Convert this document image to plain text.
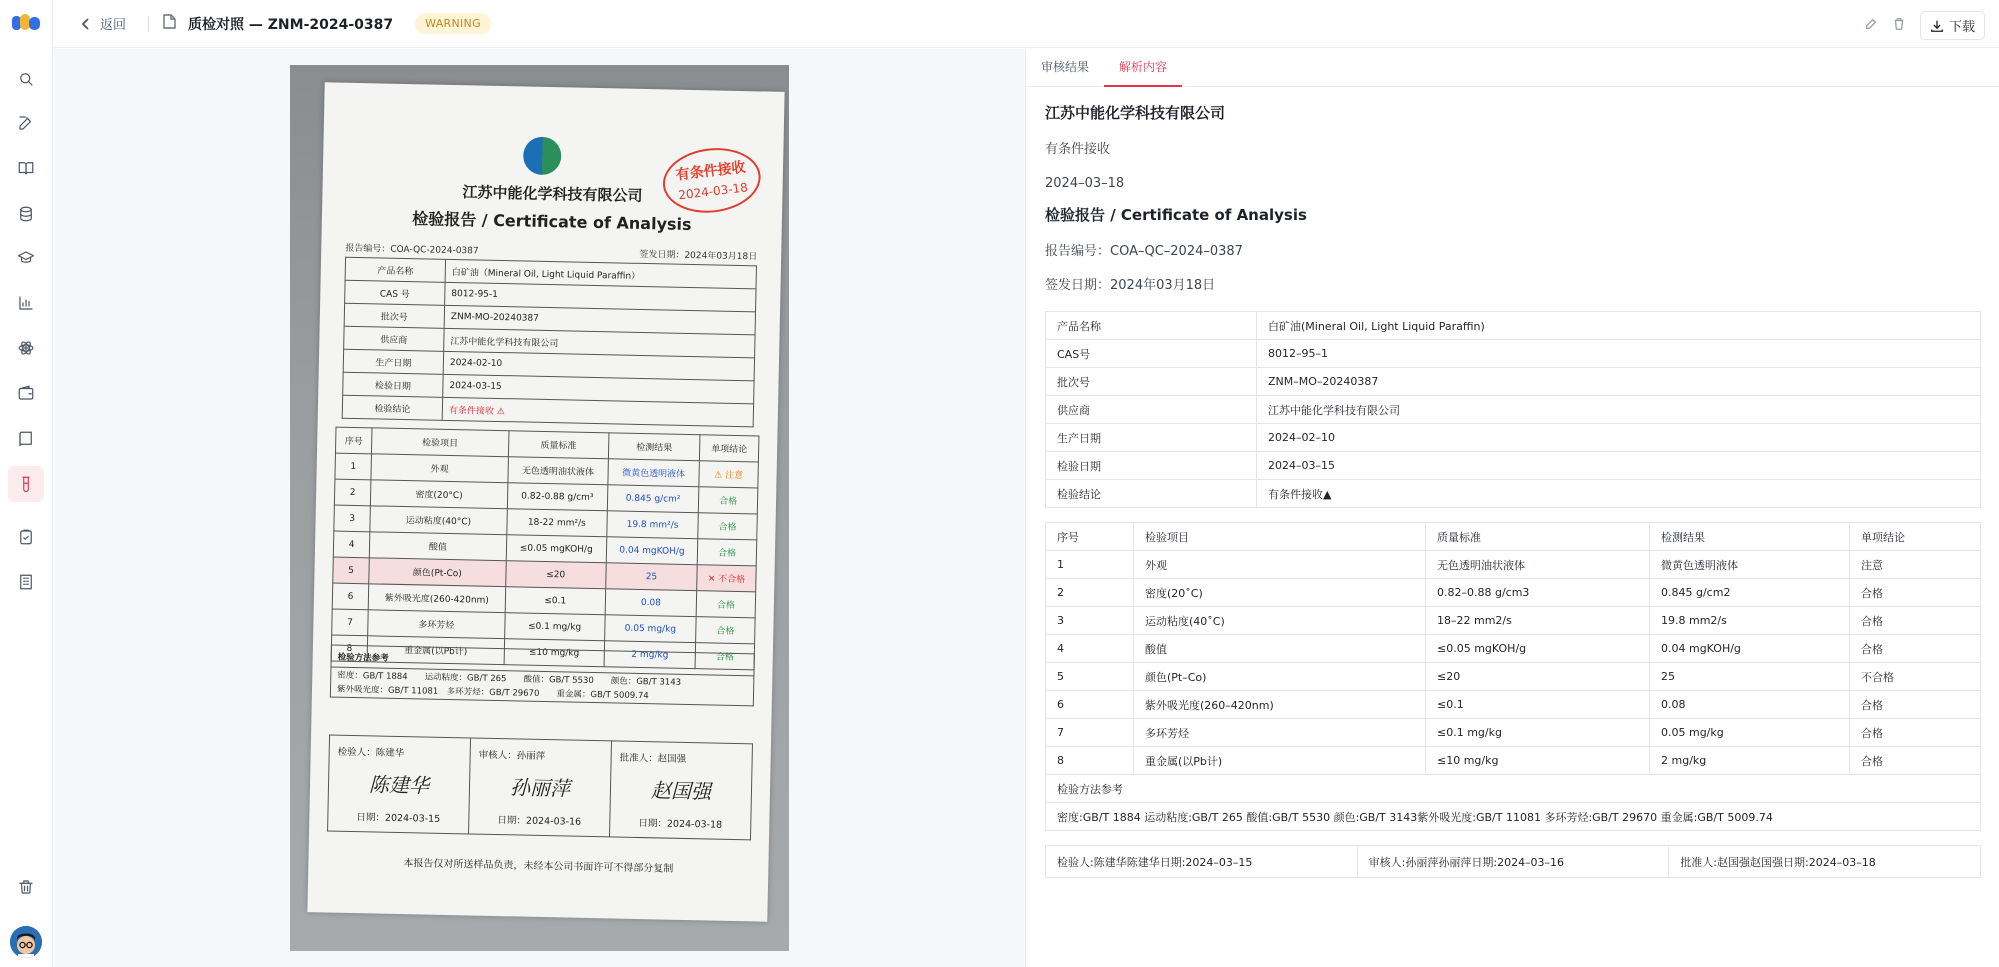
返回	质检对照 — ZNM-2024-0387	WARNING	下载
江苏中能化学科技有限公司
检验报告 / Certificate of Analysis
有条件接收
2024-03-18
报告编号：COA-QC-2024-0387	签发日期：2024年03月18日
产品名称	白矿油（Mineral Oil, Light Liquid Paraffin）
CAS 号	8012-95-1
批次号	ZNM-MO-20240387
供应商	江苏中能化学科技有限公司
生产日期	2024-02-10
检验日期	2024-03-15
检验结论	有条件接收 ⚠
序号	检验项目	质量标准	检测结果	单项结论
1	外观	无色透明油状液体	微黄色透明液体	⚠ 注意
2	密度(20°C)	0.82-0.88 g/cm³	0.845 g/cm²	合格
3	运动粘度(40°C)	18-22 mm²/s	19.8 mm²/s	合格
4	酸值	≤0.05 mgKOH/g	0.04 mgKOH/g	合格
5	颜色(Pt-Co)	≤20	25	✕ 不合格
6	紫外吸光度(260-420nm)	≤0.1	0.08	合格
7	多环芳烃	≤0.1 mg/kg	0.05 mg/kg	合格
8	重金属(以Pb计)	≤10 mg/kg	2 mg/kg	合格
检验方法参考
密度：GB/T 1884　　运动粘度：GB/T 265　　酸值：GB/T 5530　　颜色：GB/T 3143
紫外吸光度：GB/T 11081　多环芳烃：GB/T 29670　　重金属：GB/T 5009.74
检验人：陈建华
陈建华
日期：2024-03-15

审核人：孙丽萍
孙丽萍
日期：2024-03-16

批准人：赵国强
赵国强
日期：2024-03-18
本报告仅对所送样品负责，未经本公司书面许可不得部分复制
审核结果	解析内容
江苏中能化学科技有限公司
有条件接收
2024–03–18
检验报告 / Certificate of Analysis
报告编号：COA–QC–2024–0387
签发日期：2024年03月18日
产品名称	白矿油(Mineral Oil, Light Liquid Paraffin)
CAS号	8012–95–1
批次号	ZNM–MO–20240387
供应商	江苏中能化学科技有限公司
生产日期	2024–02–10
检验日期	2024–03–15
检验结论	有条件接收▲
序号	检验项目	质量标准	检测结果	单项结论
1	外观	无色透明油状液体	微黄色透明液体	注意
2	密度(20˚C)	0.82–0.88 g/cm3	0.845 g/cm2	合格
3	运动粘度(40˚C)	18–22 mm2/s	19.8 mm2/s	合格
4	酸值	≤0.05 mgKOH/g	0.04 mgKOH/g	合格
5	颜色(Pt–Co)	≤20	25	不合格
6	紫外吸光度(260–420nm)	≤0.1	0.08	合格
7	多环芳烃	≤0.1 mg/kg	0.05 mg/kg	合格
8	重金属(以Pb计)	≤10 mg/kg	2 mg/kg	合格
检验方法参考				
密度:GB/T 1884 运动粘度:GB/T 265 酸值:GB/T 5530 颜色:GB/T 3143紫外吸光度:GB/T 11081 多环芳烃:GB/T 29670 重金属:GB/T 5009.74				
检验人:陈建华陈建华日期:2024–03–15	审核人:孙丽萍孙丽萍日期:2024–03–16	批准人:赵国强赵国强日期:2024–03–18
